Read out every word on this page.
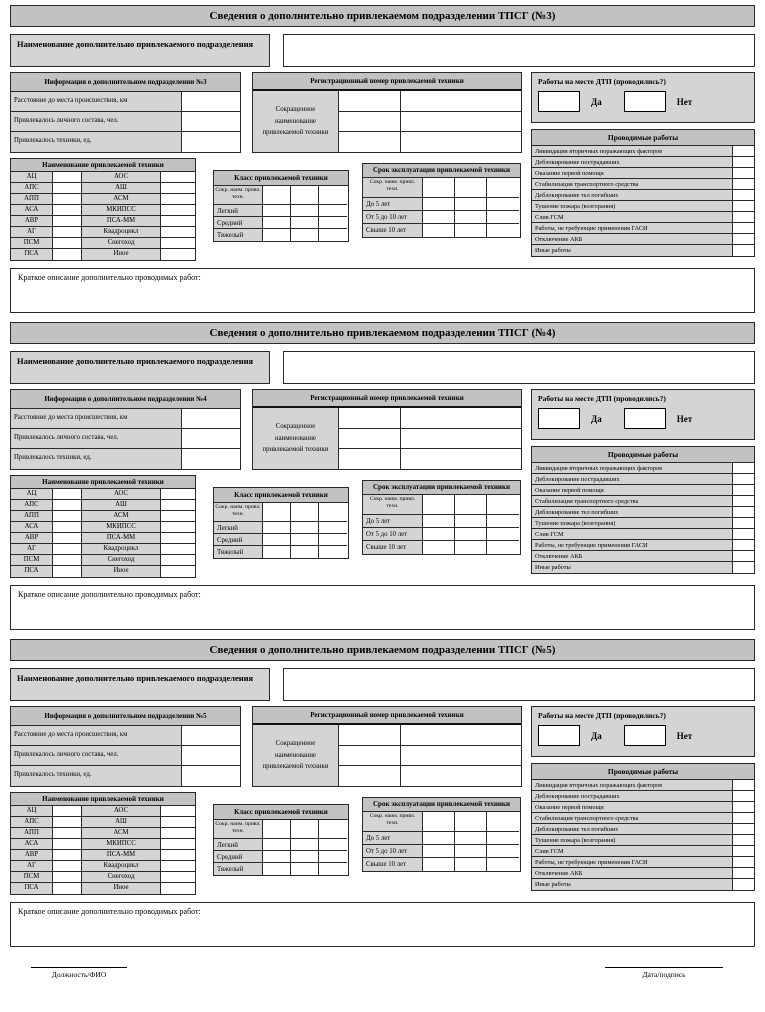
Сведения о дополнительно привлекаемом подразделении ТПСГ (№3)
Наименование дополнительно привлекаемого подразделения
Информация о дополнительном подразделении №3
Расстояние до места происшествия, км
Привлекалось личного состава, чел.
Привлекалось техники, ед.
Регистрационный номер привлекаемой техники
Сокращенное наименование привлекаемой техники
Наименование привлекаемой техники
АЦ	АОС
АПС	АШ
АПП	АСМ
АСА	МКИПСС
АВР	ПСА-ММ
АГ	Квадроцикл
ПСМ	Снегоход
ПСА	Иное
Класс привлекаемой техники
Сокр. наим. привл. техн.
Легкий
Средний
Тяжелый
Срок эксплуатации привлекаемой техники
Сокр. наим. привл. техн.
До 5 лет
От 5 до 10 лет
Свыше 10 лет
Работы на месте ДТП (проводились?)
Да	Нет
Проводимые работы
Ликвидация вторичных поражающих факторов
Деблокирование пострадавших
Оказание первой помощи
Стабилизация транспортного средства
Деблокирование тел погибших
Тушение пожара (возгорания)
Слив ГСМ
Работы, не требующие применения ГАСИ
Отключение АКБ
Иные работы
Краткое описание дополнительно проводимых работ:
Сведения о дополнительно привлекаемом подразделении ТПСГ (№4)
Наименование дополнительно привлекаемого подразделения
Информация о дополнительном подразделении №4
Расстояние до места происшествия, км
Привлекалось личного состава, чел.
Привлекалось техники, ед.
Регистрационный номер привлекаемой техники
Сокращенное наименование привлекаемой техники
Наименование привлекаемой техники
АЦ	АОС
АПС	АШ
АПП	АСМ
АСА	МКИПСС
АВР	ПСА-ММ
АГ	Квадроцикл
ПСМ	Снегоход
ПСА	Иное
Класс привлекаемой техники
Сокр. наим. привл. техн.
Легкий
Средний
Тяжелый
Срок эксплуатации привлекаемой техники
Сокр. наим. привл. техн.
До 5 лет
От 5 до 10 лет
Свыше 10 лет
Работы на месте ДТП (проводились?)
Да	Нет
Проводимые работы
Ликвидация вторичных поражающих факторов
Деблокирование пострадавших
Оказание первой помощи
Стабилизация транспортного средства
Деблокирование тел погибших
Тушение пожара (возгорания)
Слив ГСМ
Работы, не требующие применения ГАСИ
Отключение АКБ
Иные работы
Краткое описание дополнительно проводимых работ:
Сведения о дополнительно привлекаемом подразделении ТПСГ (№5)
Наименование дополнительно привлекаемого подразделения
Информация о дополнительном подразделении №5
Расстояние до места происшествия, км
Привлекалось личного состава, чел.
Привлекалось техники, ед.
Регистрационный номер привлекаемой техники
Сокращенное наименование привлекаемой техники
Наименование привлекаемой техники
АЦ	АОС
АПС	АШ
АПП	АСМ
АСА	МКИПСС
АВР	ПСА-ММ
АГ	Квадроцикл
ПСМ	Снегоход
ПСА	Иное
Класс привлекаемой техники
Сокр. наим. привл. техн.
Легкий
Средний
Тяжелый
Срок эксплуатации привлекаемой техники
Сокр. наим. привл. техн.
До 5 лет
От 5 до 10 лет
Свыше 10 лет
Работы на месте ДТП (проводились?)
Да	Нет
Проводимые работы
Ликвидация вторичных поражающих факторов
Деблокирование пострадавших
Оказание первой помощи
Стабилизация транспортного средства
Деблокирование тел погибших
Тушение пожара (возгорания)
Слив ГСМ
Работы, не требующие применения ГАСИ
Отключение АКБ
Иные работы
Краткое описание дополнительно проводимых работ:
Должность/ФИО	Дата/подпись
